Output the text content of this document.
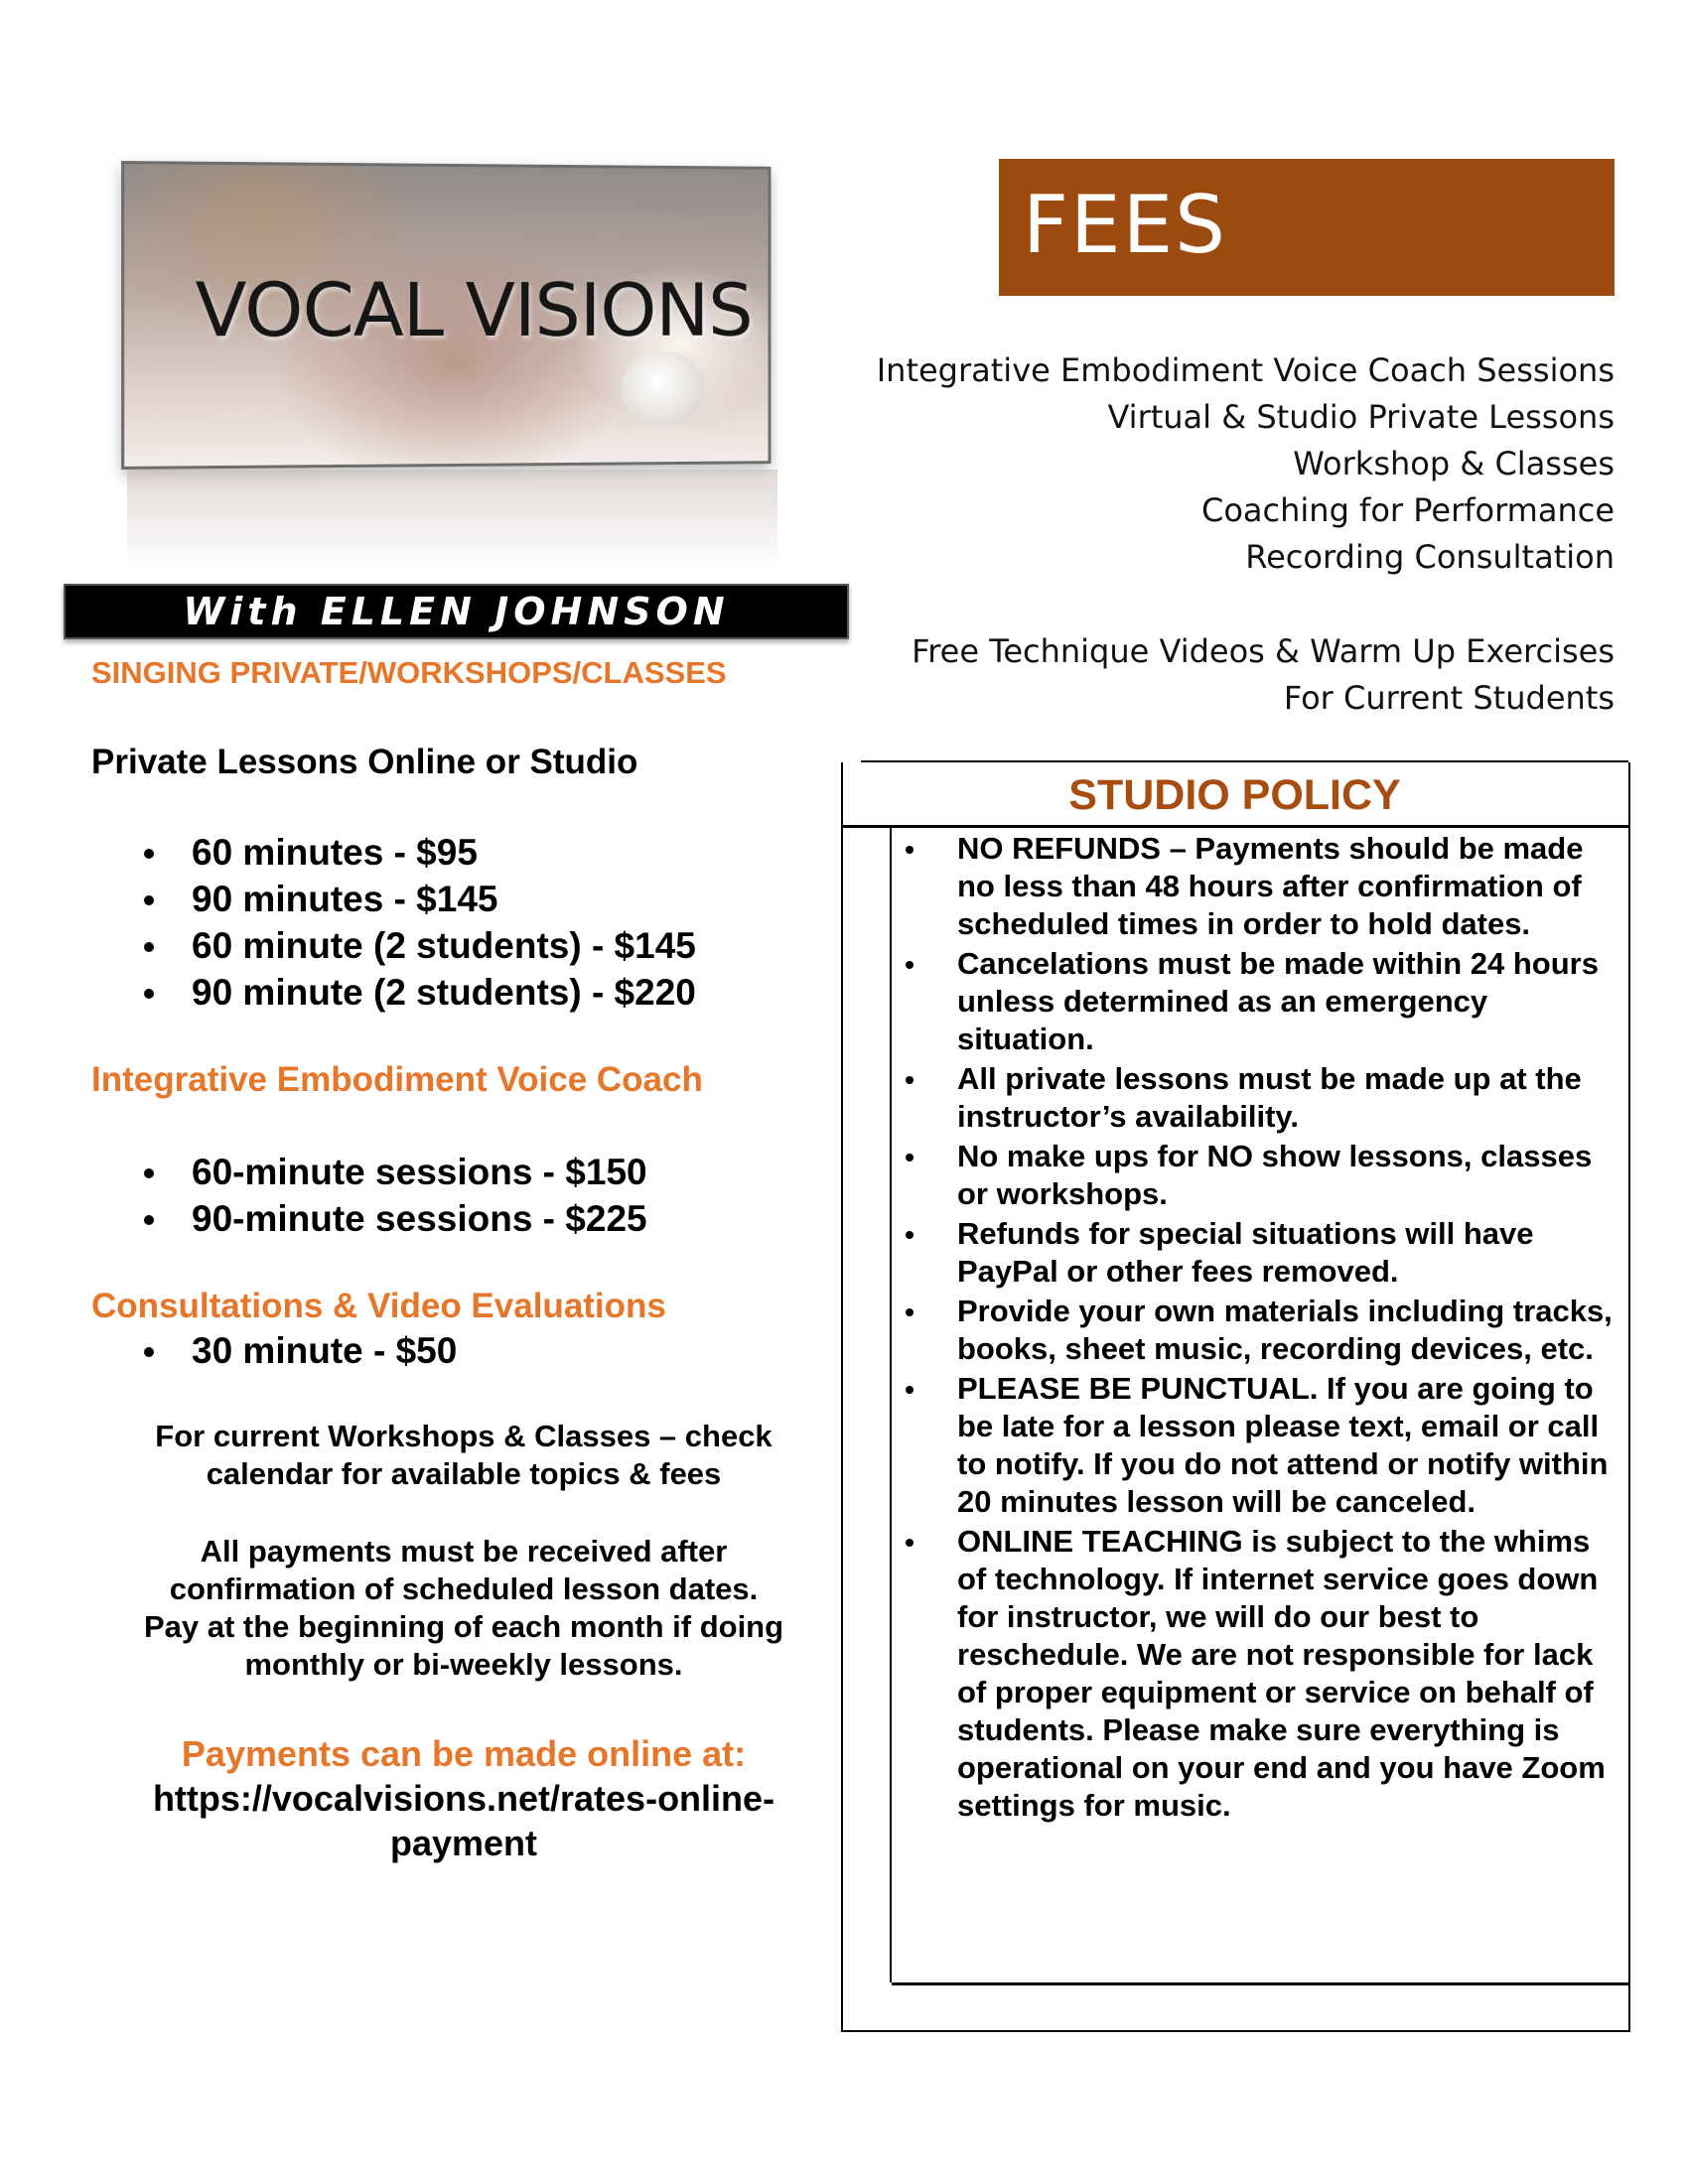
VOCAL VISIONS
With ELLEN JOHNSON
SINGING PRIVATE/WORKSHOPS/CLASSES
Private Lessons Online or Studio
60 minutes - $95
90 minutes - $145
60 minute (2 students) - $145
90 minute (2 students) - $220
Integrative Embodiment Voice Coach
60-minute sessions - $150
90-minute sessions - $225
Consultations & Video Evaluations
30 minute - $50

For current Workshops & Classes – check

calendar for available topics & fees

All payments must be received after

confirmation of scheduled lesson dates.

Pay at the beginning of each month if doing

monthly or bi-weekly lessons.

Payments can be made online at:

https://vocalvisions.net/rates-online-

payment

FEES
Integrative Embodiment Voice Coach Sessions
Virtual & Studio Private Lessons
Workshop & Classes
Coaching for Performance
Recording Consultation
Free Technique Videos & Warm Up Exercises
For Current Students
STUDIO POLICY
NO REFUNDS – Payments should be made no less than 48 hours after confirmation of scheduled times in order to hold dates.
Cancelations must be made within 24 hours unless determined as an emergency situation.
All private lessons must be made up at the instructor’s availability.
No make ups for NO show lessons, classes or workshops.
Refunds for special situations will have PayPal or other fees removed.
Provide your own materials including tracks, books, sheet music, recording devices, etc.
PLEASE BE PUNCTUAL. If you are going to be late for a lesson please text, email or call to notify. If you do not attend or notify within 20 minutes lesson will be canceled.
ONLINE TEACHING is subject to the whims of technology. If internet service goes down for instructor, we will do our best to reschedule. We are not responsible for lack of proper equipment or service on behalf of students. Please make sure everything is operational on your end and you have Zoom settings for music.
